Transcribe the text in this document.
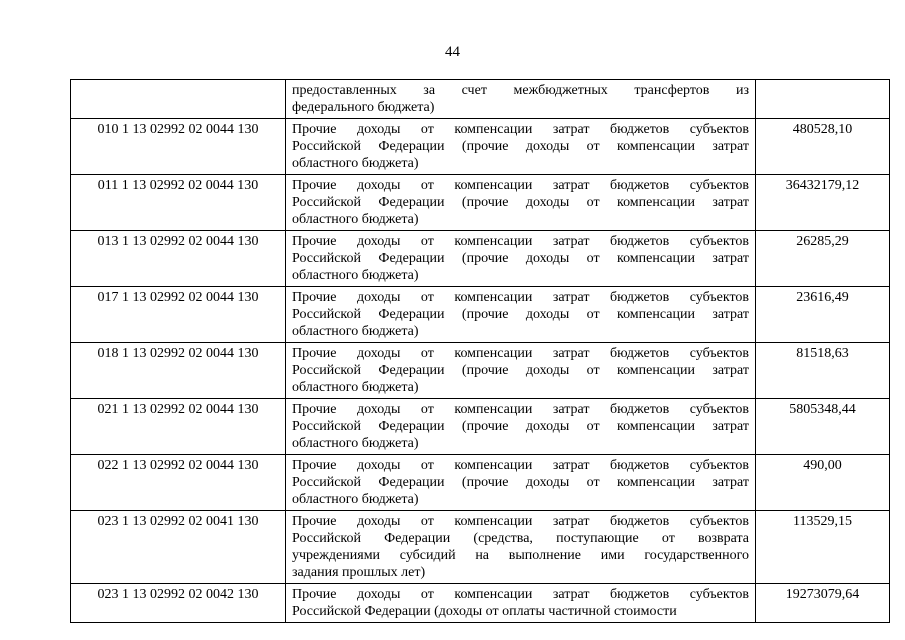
44

	предоставленных за счет межбюджетных трансфертов из
федерального бюджета)	

010 1 13 02992 02 0044 130	Прочие доходы от компенсации затрат бюджетов субъектов
Российской Федерации (прочие доходы от компенсации затрат
областного бюджета)	480528,10
011 1 13 02992 02 0044 130	Прочие доходы от компенсации затрат бюджетов субъектов
Российской Федерации (прочие доходы от компенсации затрат
областного бюджета)	36432179,12
013 1 13 02992 02 0044 130	Прочие доходы от компенсации затрат бюджетов субъектов
Российской Федерации (прочие доходы от компенсации затрат
областного бюджета)	26285,29
017 1 13 02992 02 0044 130	Прочие доходы от компенсации затрат бюджетов субъектов
Российской Федерации (прочие доходы от компенсации затрат
областного бюджета)	23616,49
018 1 13 02992 02 0044 130	Прочие доходы от компенсации затрат бюджетов субъектов
Российской Федерации (прочие доходы от компенсации затрат
областного бюджета)	81518,63
021 1 13 02992 02 0044 130	Прочие доходы от компенсации затрат бюджетов субъектов
Российской Федерации (прочие доходы от компенсации затрат
областного бюджета)	5805348,44
022 1 13 02992 02 0044 130	Прочие доходы от компенсации затрат бюджетов субъектов
Российской Федерации (прочие доходы от компенсации затрат
областного бюджета)	490,00
023 1 13 02992 02 0041 130	Прочие доходы от компенсации затрат бюджетов субъектов
Российской Федерации (средства, поступающие от возврата
учреждениями субсидий на выполнение ими государственного
задания прошлых лет)	113529,15
023 1 13 02992 02 0042 130	Прочие доходы от компенсации затрат бюджетов субъектов
Российской Федерации (доходы от оплаты частичной стоимости	19273079,64
